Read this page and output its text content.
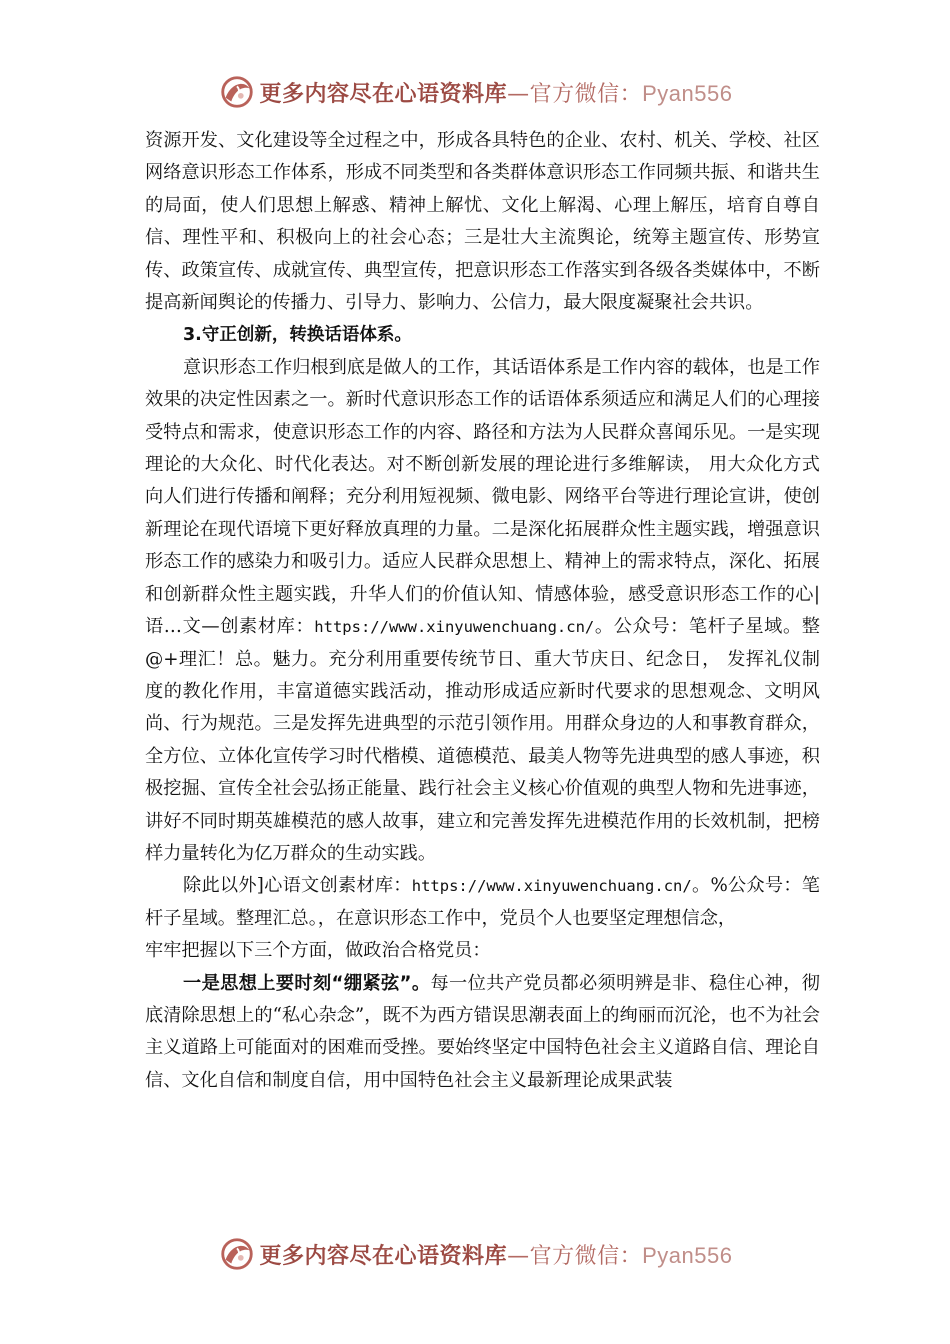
更多内容尽在心语资料库—官方微信：Pyan556

资源开发、文化建设等全过程之中，形成各具特色的企业、农村、机关、学校、社区网络意识形态工作体系，形成不同类型和各类群体意识形态工作同频共振、和谐共生的局面，使人们思想上解惑、精神上解忧、文化上解渴、心理上解压，培育自尊自信、理性平和、积极向上的社会心态；三是壮大主流舆论，统筹主题宣传、形势宣传、政策宣传、成就宣传、典型宣传，把意识形态工作落实到各级各类媒体中，不断提高新闻舆论的传播力、引导力、影响力、公信力，最大限度凝聚社会共识。

3.守正创新，转换话语体系。

意识形态工作归根到底是做人的工作，其话语体系是工作内容的载体，也是工作效果的决定性因素之一。新时代意识形态工作的话语体系须适应和满足人们的心理接受特点和需求，使意识形态工作的内容、路径和方法为人民群众喜闻乐见。一是实现理论的大众化、时代化表达。对不断创新发展的理论进行多维解读， 用大众化方式向人们进行传播和阐释；充分利用短视频、微电影、网络平台等进行理论宣讲，使创新理论在现代语境下更好释放真理的力量。二是深化拓展群众性主题实践，增强意识形态工作的感染力和吸引力。适应人民群众思想上、精神上的需求特点，深化、拓展和创新群众性主题实践，升华人们的价值认知、情感体验，感受意识形态工作的心|语…文—创素材库：https://www.xinyuwenchuang.cn/。公众号：笔杆子星域。整@+理汇！总。魅力。充分利用重要传统节日、重大节庆日、纪念日， 发挥礼仪制度的教化作用，丰富道德实践活动，推动形成适应新时代要求的思想观念、文明风尚、行为规范。三是发挥先进典型的示范引领作用。用群众身边的人和事教育群众，全方位、立体化宣传学习时代楷模、道德模范、最美人物等先进典型的感人事迹，积极挖掘、宣传全社会弘扬正能量、践行社会主义核心价值观的典型人物和先进事迹，讲好不同时期英雄模范的感人故事，建立和完善发挥先进模范作用的长效机制，把榜样力量转化为亿万群众的生动实践。

除此以外]心语文创素材库：https://www.xinyuwenchuang.cn/。%公众号：笔杆子星域。整理汇总。，在意识形态工作中，党员个人也要坚定理想信念，

牢牢把握以下三个方面，做政治合格党员：

一是思想上要时刻“绷紧弦”。每一位共产党员都必须明辨是非、稳住心神，彻底清除思想上的“私心杂念”，既不为西方错误思潮表面上的绚丽而沉沦，也不为社会主义道路上可能面对的困难而受挫。要始终坚定中国特色社会主义道路自信、理论自信、文化自信和制度自信，用中国特色社会主义最新理论成果武装

更多内容尽在心语资料库—官方微信：Pyan556
